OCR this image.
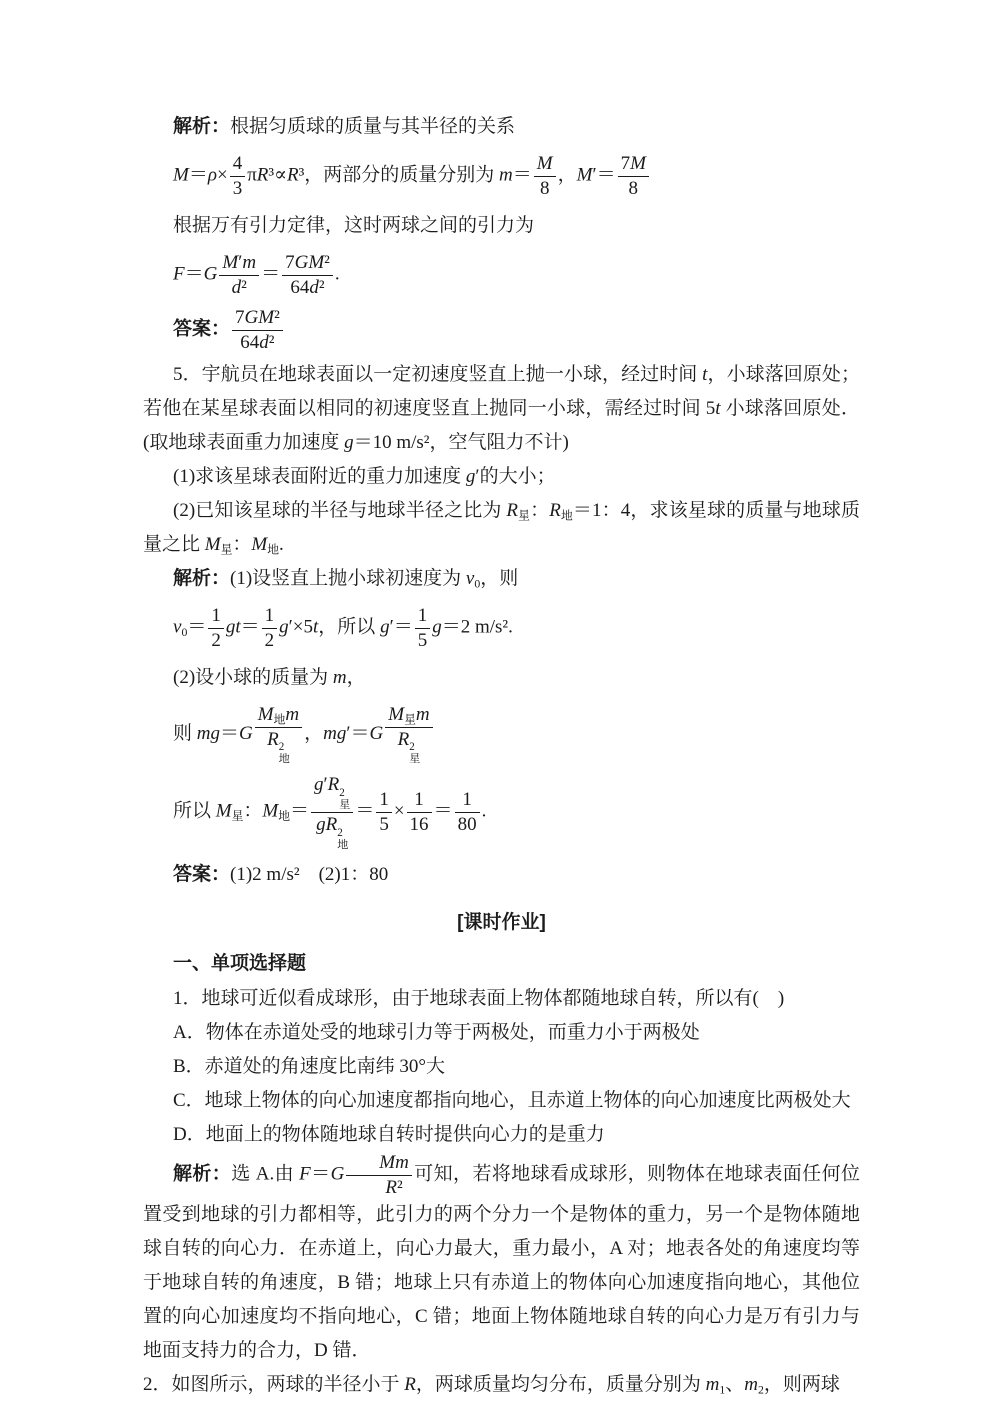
解析：根据匀质球的质量与其半径的关系

$M=\rho\times \frac{4}{3} \pi R^3\propto R^3$，两部分的质量分别为 $m= \frac{M}{8}$ ，$M'= \frac{7M}{8}$

根据万有引力定律，这时两球之间的引力为

$F=G \frac{M'm}{\text{d²}} = \frac{\text{7GM²}}{\text{64d²}}$ .

答案： $\frac{\text{7GM²}}{\text{64d²}}$

5．宇航员在地球表面以一定初速度竖直上抛一小球，经过时间 t，小球落回原处；若他在某星球表面以相同的初速度竖直上抛同一小球，需经过时间 5t 小球落回原处．(取地球表面重力加速度 g＝10 m/s²，空气阻力不计)

(1)求该星球表面附近的重力加速度 g′的大小；

(2)已知该星球的半径与地球半径之比为 $R_星$：$R_地=1$：4，求该星球的质量与地球质量之比 $M_星$：$M_地$.

解析：(1)设竖直上抛小球初速度为 $v_0$，则

$v_0= \frac{1}{2} gt= \frac{1}{2} g'\times 5t$，所以 $g'= \frac{1}{5} g=2$ m/s².

(2)设小球的质量为 m，

则 mg＝G $M_地m$
R 2
地 ，mg′＝G $M_星m$
R 2
星

所以 $M_星$：$M_地= g'R$ 2
星
gR 2
地 ＝ $\frac{1}{5} \times \frac{1}{16} = \frac{1}{80}$ .

答案：(1)2 m/s²　(2)1：80

[课时作业]

一、单项选择题

1．地球可近似看成球形，由于地球表面上物体都随地球自转，所以有(　)

A．物体在赤道处受的地球引力等于两极处，而重力小于两极处

B．赤道处的角速度比南纬 30°大

C．地球上物体的向心加速度都指向地心，且赤道上物体的向心加速度比两极处大

D．地面上的物体随地球自转时提供向心力的是重力

解析：选 A.由 $F=G \frac{Mm}{\text{R²}}$ 可知，若将地球看成球形，则物体在地球表面任何位置受到地球的引力都相等，此引力的两个分力一个是物体的重力，另一个是物体随地球自转的向心力．在赤道上，向心力最大，重力最小，A 对；地表各处的角速度均等于地球自转的角速度，B 错；地球上只有赤道上的物体向心加速度指向地心，其他位置的向心加速度均不指向地心，C 错；地面上物体随地球自转的向心力是万有引力与地面支持力的合力，D 错．

2．如图所示，两球的半径小于 R，两球质量均匀分布，质量分别为 $m_1$、$m_2$，则两球
